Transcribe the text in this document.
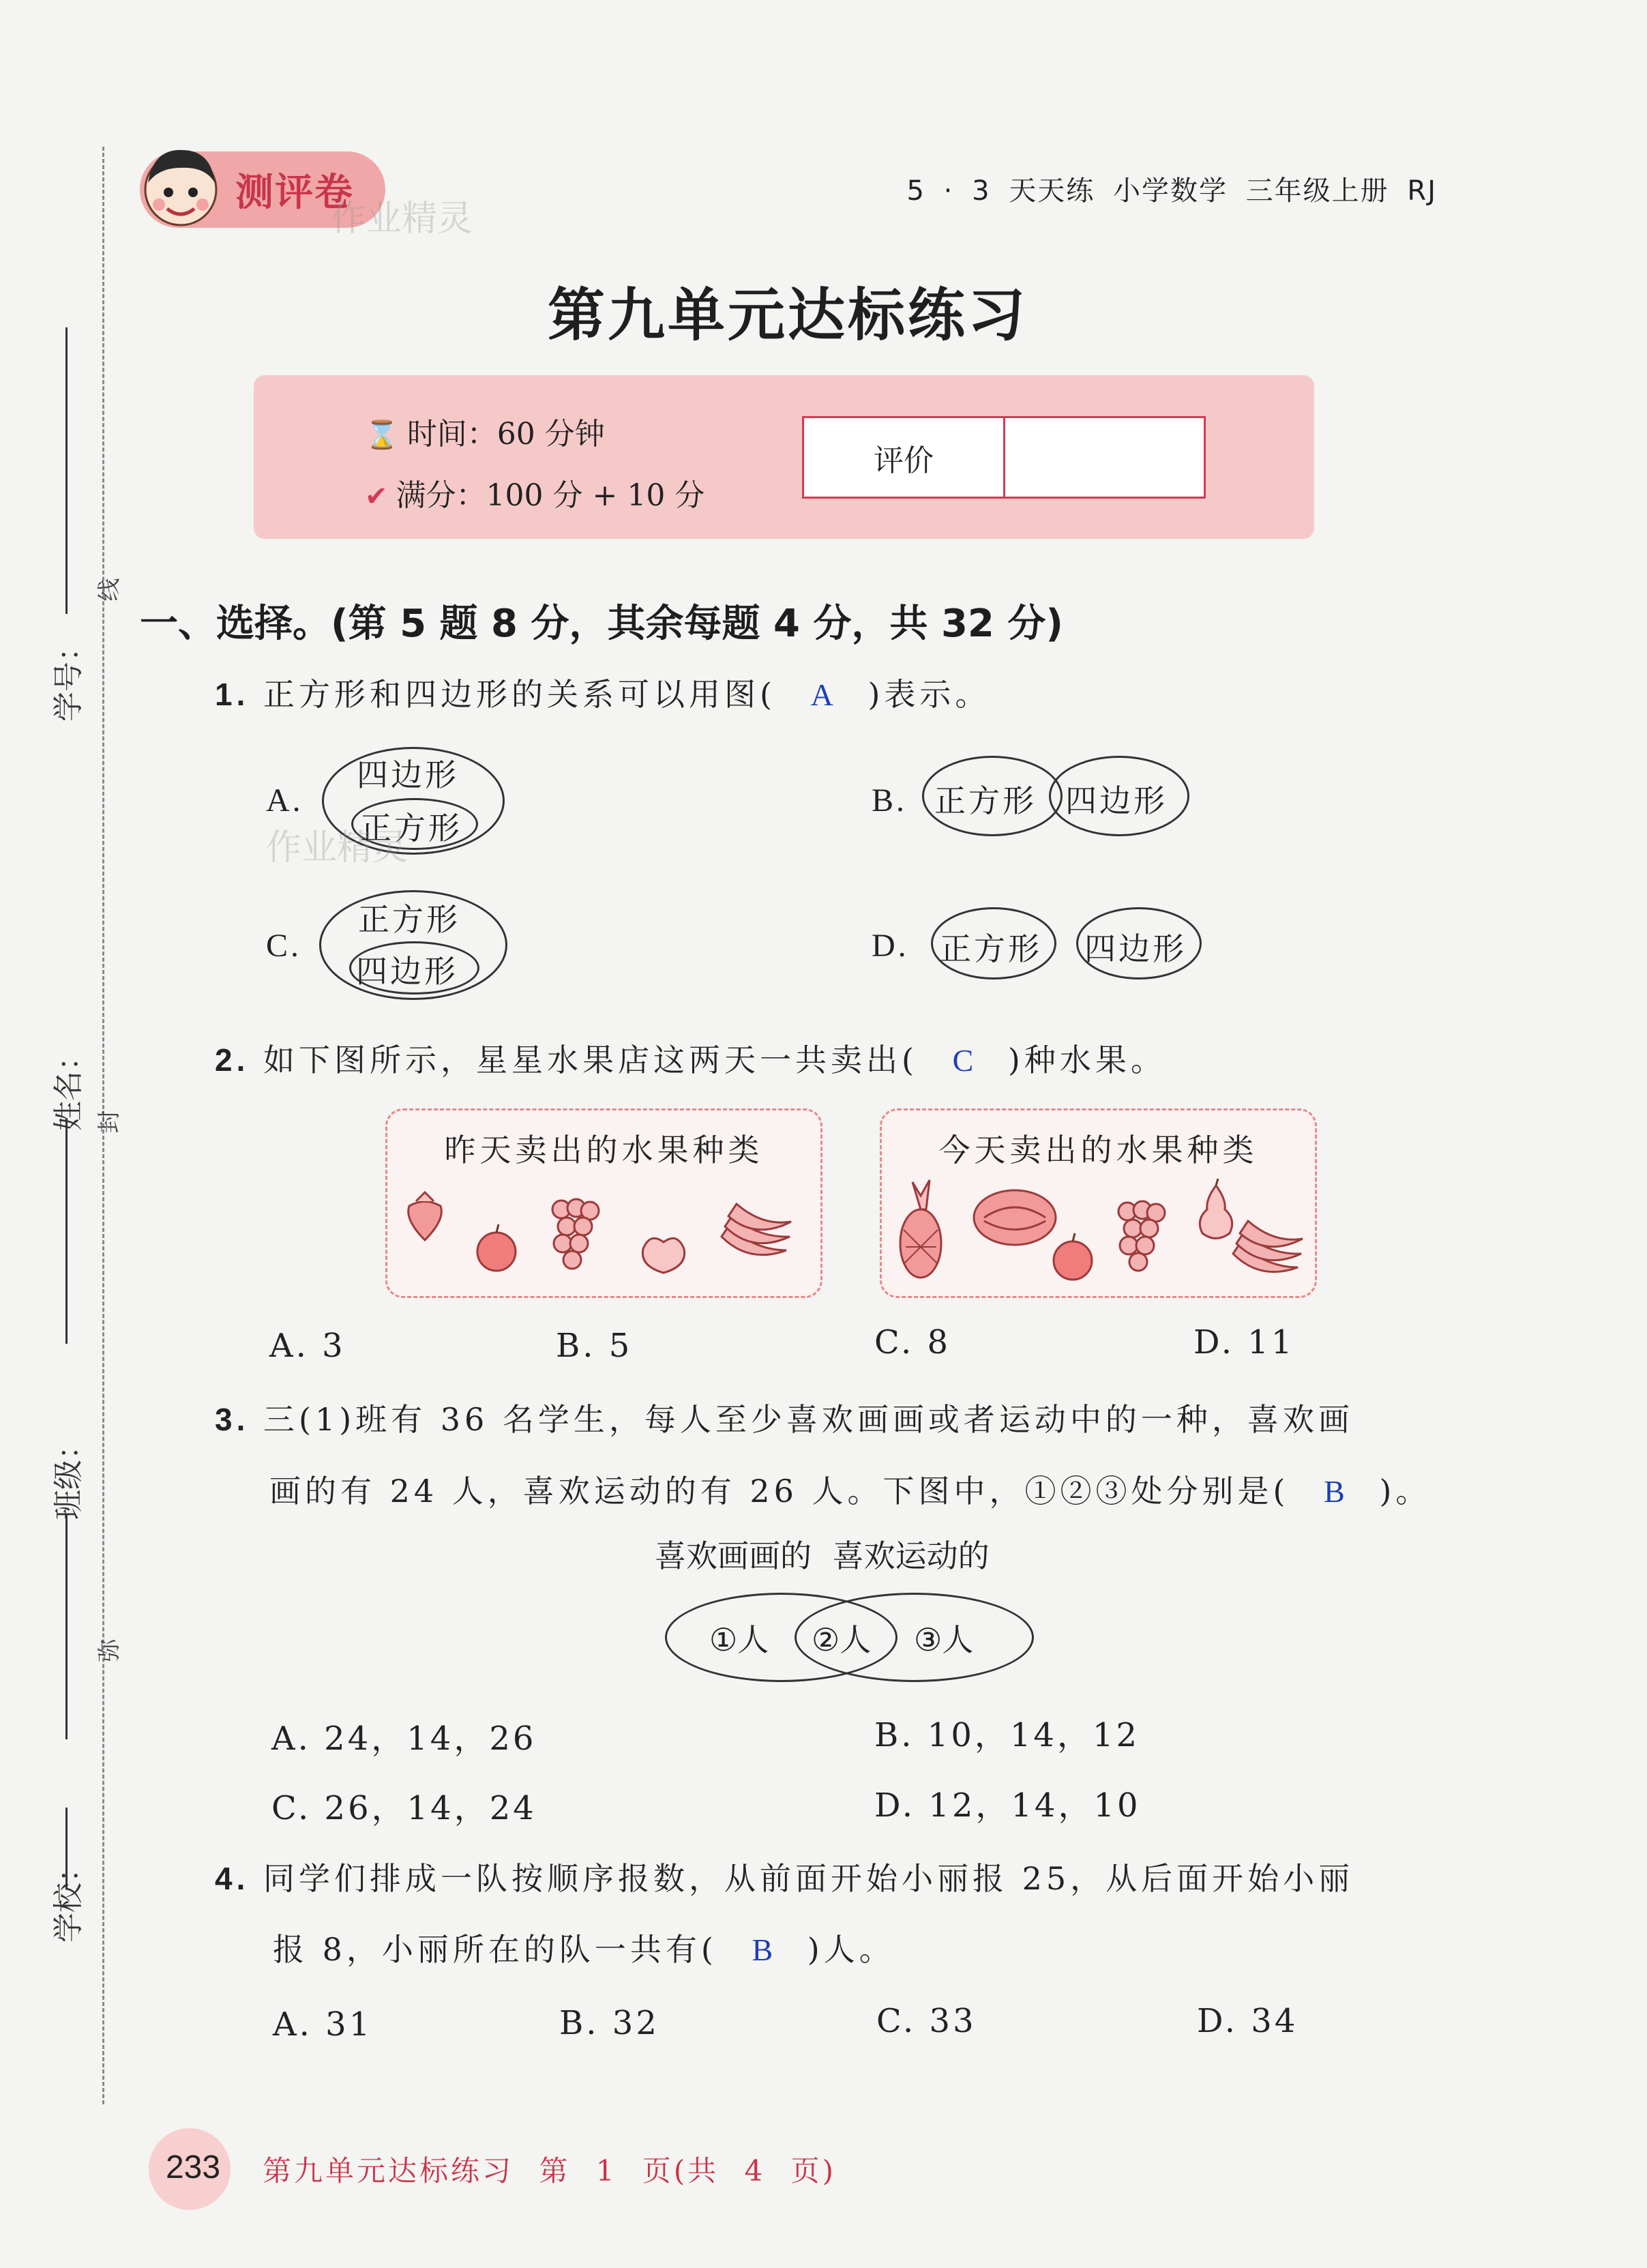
线
封
弥
学号：
姓名：
班级：
学校：
测评卷
作业精灵
5 · 3 天天练 小学数学 三年级上册 RJ
第九单元达标练习
⌛ 时间：60 分钟
✔ 满分：100 分 + 10 分
评价
一、选择。(第 5 题 8 分，其余每题 4 分，共 32 分)
1. 正方形和四边形的关系可以用图( A )表示。
A.
四边形
正方形
作业精灵
B. 正方形 四边形
C.
正方形
四边形
D. 正方形 四边形
2. 如下图所示，星星水果店这两天一共卖出( C )种水果。
昨天卖出的水果种类	今天卖出的水果种类
A. 3	B. 5	C. 8	D. 11
3. 三(1)班有 36 名学生，每人至少喜欢画画或者运动中的一种，喜欢画
画的有 24 人，喜欢运动的有 26 人。下图中，①②③处分别是( B )。
喜欢画画的 喜欢运动的
①人 ②人 ③人
A. 24，14，26	B. 10，14，12
C. 26，14，24	D. 12，14，10
4. 同学们排成一队按顺序报数，从前面开始小丽报 25，从后面开始小丽
报 8，小丽所在的队一共有( B )人。
A. 31	B. 32	C. 33	D. 34
233	第九单元达标练习 第 1 页(共 4 页)
